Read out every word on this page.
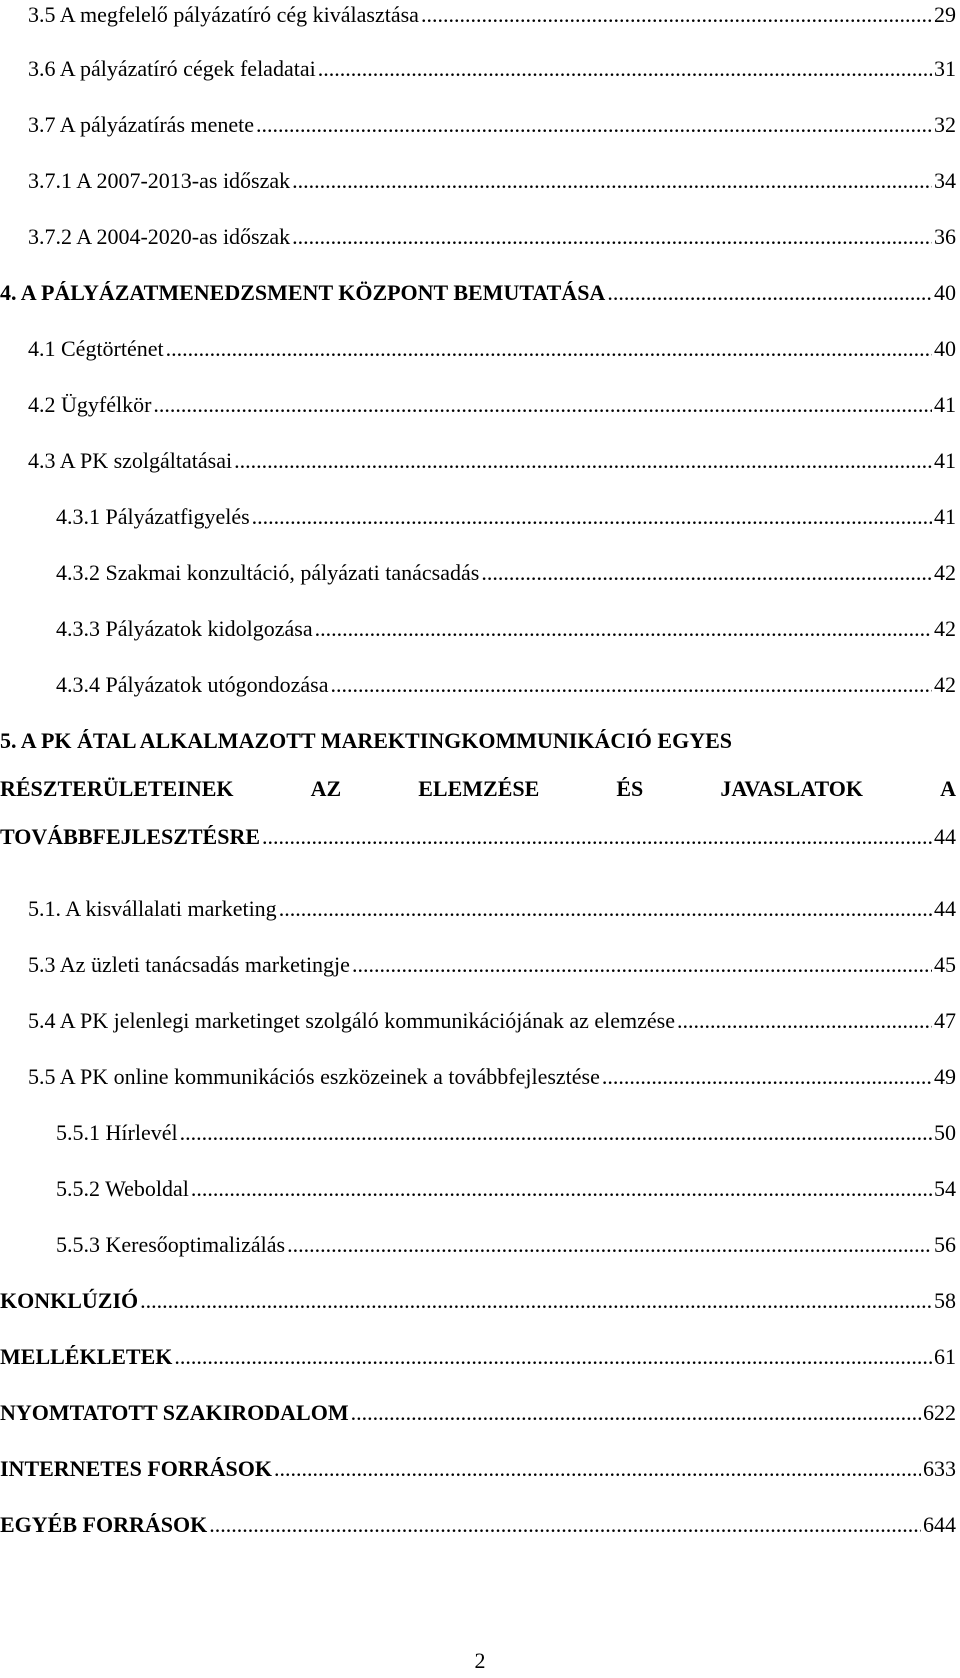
3.5 A megfelelő pályázatíró cég kiválasztása .....	29
3.6 A pályázatíró cégek feladatai .....	31
3.7 A pályázatírás menete .....	32
3.7.1 A 2007-2013-as időszak .....	34
3.7.2 A 2004-2020-as időszak .....	36
4. A PÁLYÁZATMENEDZSMENT KÖZPONT BEMUTATÁSA .....	40
4.1 Cégtörténet .....	40
4.2 Ügyfélkör .....	41
4.3 A PK szolgáltatásai .....	41
4.3.1 Pályázatfigyelés .....	41
4.3.2 Szakmai konzultáció, pályázati tanácsadás .....	42
4.3.3 Pályázatok kidolgozása .....	42
4.3.4 Pályázatok utógondozása .....	42
5. A PK ÁTAL ALKALMAZOTT MAREKTINGKOMMUNIKÁCIÓ EGYES
RÉSZTERÜLETEINEK	AZ	ELEMZÉSE	ÉS	JAVASLATOK	A
TOVÁBBFEJLESZTÉSRE .....	44
5.1. A kisvállalati marketing .....	44
5.3 Az üzleti tanácsadás marketingje .....	45
5.4 A PK jelenlegi marketinget szolgáló kommunikációjának az elemzése .....	47
5.5 A PK online kommunikációs eszközeinek a továbbfejlesztése .....	49
5.5.1 Hírlevél .....	50
5.5.2 Weboldal .....	54
5.5.3 Keresőoptimalizálás .....	56
KONKLÚZIÓ .....	58
MELLÉKLETEK .....	61
NYOMTATOTT SZAKIRODALOM .....	622
INTERNETES FORRÁSOK .....	633
EGYÉB FORRÁSOK .....	644
2
